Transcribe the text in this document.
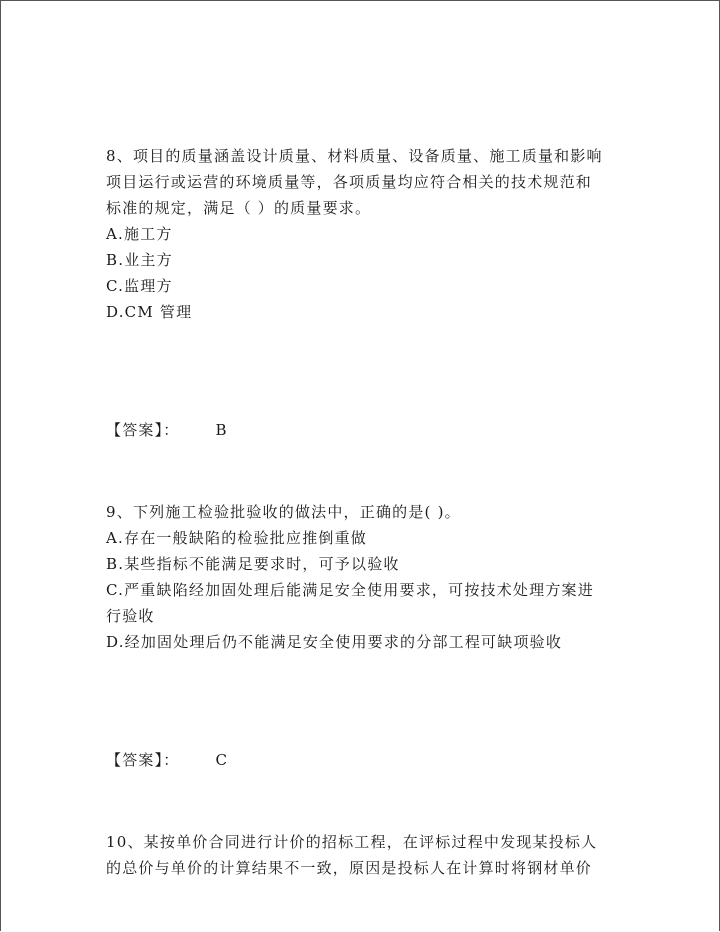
8、项目的质量涵盖设计质量、材料质量、设备质量、施工质量和影响
项目运行或运营的环境质量等，各项质量均应符合相关的技术规范和
标准的规定，满足（ ）的质量要求。
A.施工方
B.业主方
C.监理方
D.CM 管理
【答案】： B
9、下列施工检验批验收的做法中，正确的是( )。
A.存在一般缺陷的检验批应推倒重做
B.某些指标不能满足要求时，可予以验收
C.严重缺陷经加固处理后能满足安全使用要求，可按技术处理方案进
行验收
D.经加固处理后仍不能满足安全使用要求的分部工程可缺项验收
【答案】： C
10、某按单价合同进行计价的招标工程，在评标过程中发现某投标人
的总价与单价的计算结果不一致，原因是投标人在计算时将钢材单价
